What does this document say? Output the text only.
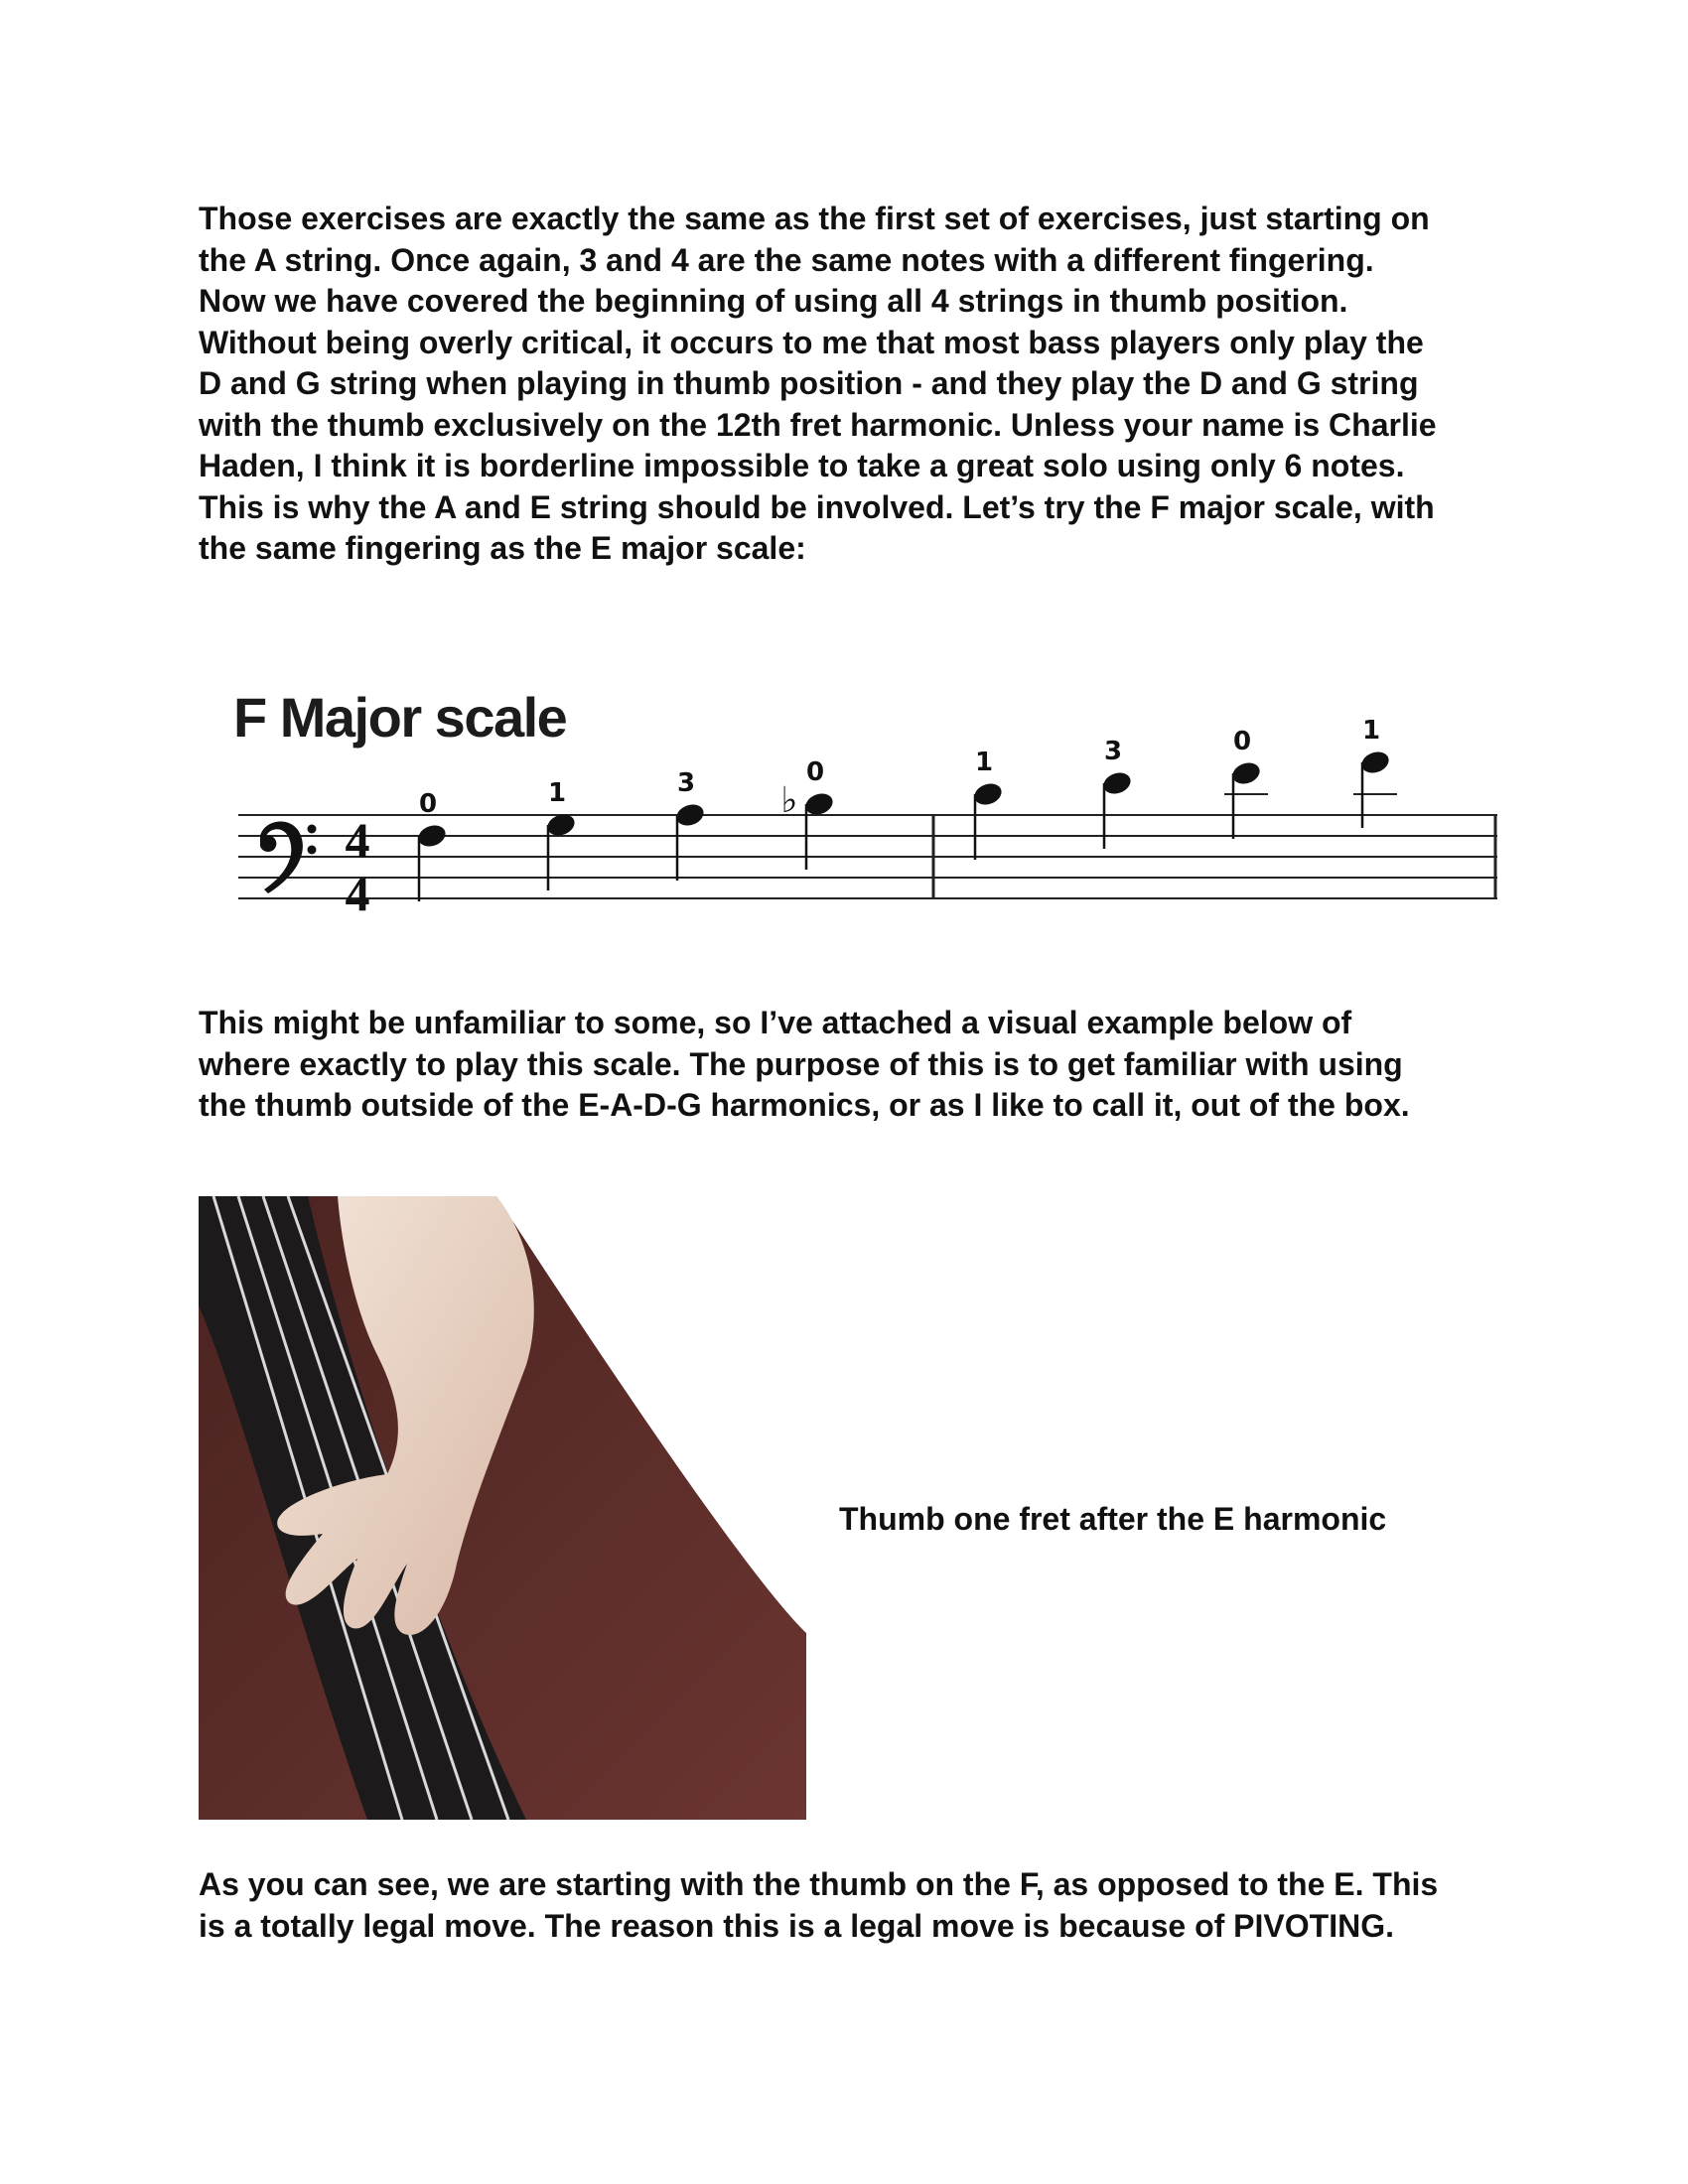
Those exercises are exactly the same as the first set of exercises, just starting on
the A string. Once again, 3 and 4 are the same notes with a different fingering.
Now we have covered the beginning of using all 4 strings in thumb position.
Without being overly critical, it occurs to me that most bass players only play the
D and G string when playing in thumb position - and they play the D and G string
with the thumb exclusively on the 12th fret harmonic. Unless your name is Charlie
Haden, I think it is borderline impossible to take a great solo using only 6 notes.
This is why the A and E string should be involved. Let’s try the F major scale, with
the same fingering as the E major scale:

F Major scale
4
4
0	1	3 ♭
0	1	3	0	1

Thumb one fret after the E harmonic

This might be unfamiliar to some, so I’ve attached a visual example below of
where exactly to play this scale. The purpose of this is to get familiar with using
the thumb outside of the E-A-D-G harmonics, or as I like to call it, out of the box.

As you can see, we are starting with the thumb on the F, as opposed to the E. This
is a totally legal move. The reason this is a legal move is because of PIVOTING.
